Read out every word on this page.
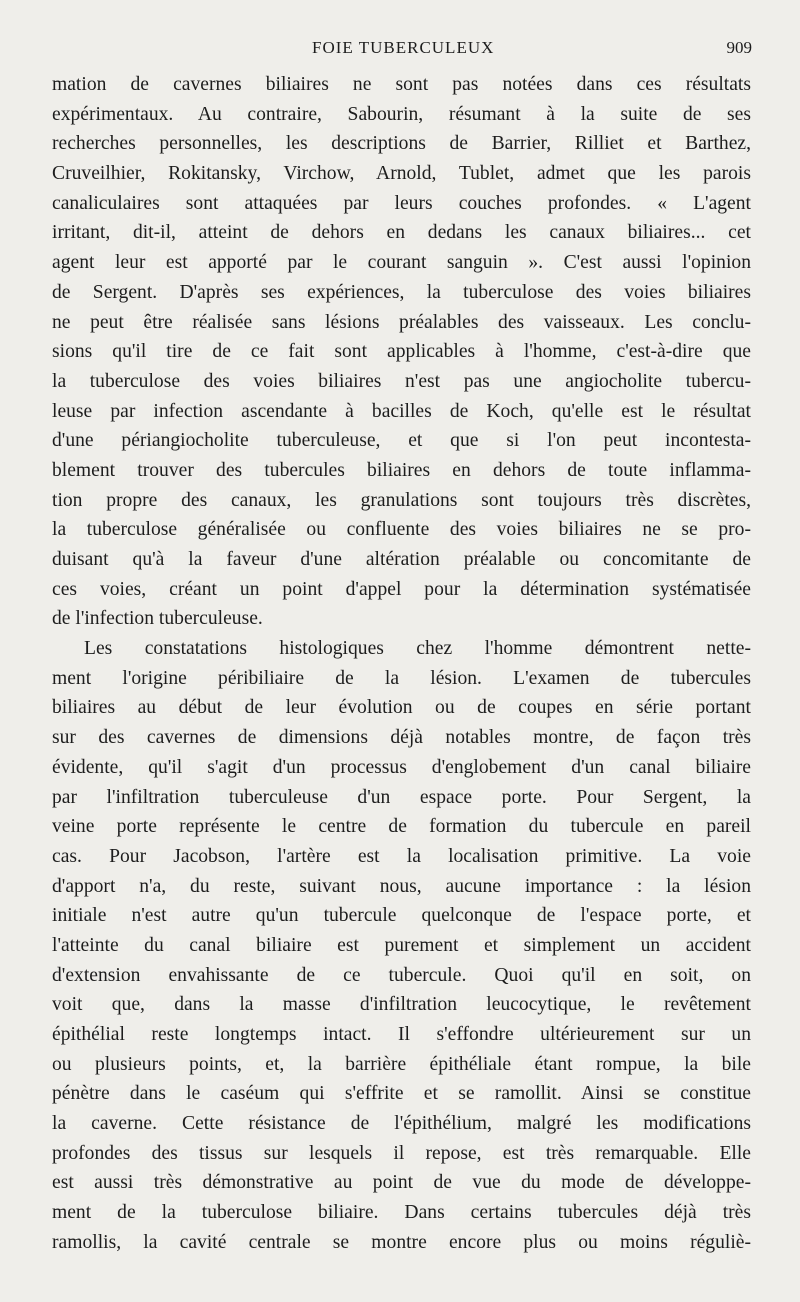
FOIE TUBERCULEUX	909
mation de cavernes biliaires ne sont pas notées dans ces résultats
expérimentaux. Au contraire, Sabourin, résumant à la suite de ses
recherches personnelles, les descriptions de Barrier, Rilliet et Barthez,
Cruveilhier, Rokitansky, Virchow, Arnold, Tublet, admet que les parois
canaliculaires sont attaquées par leurs couches profondes. « L'agent
irritant, dit-il, atteint de dehors en dedans les canaux biliaires... cet
agent leur est apporté par le courant sanguin ». C'est aussi l'opinion
de Sergent. D'après ses expériences, la tuberculose des voies biliaires
ne peut être réalisée sans lésions préalables des vaisseaux. Les conclu-
sions qu'il tire de ce fait sont applicables à l'homme, c'est-à-dire que
la tuberculose des voies biliaires n'est pas une angiocholite tubercu-
leuse par infection ascendante à bacilles de Koch, qu'elle est le résultat
d'une périangiocholite tuberculeuse, et que si l'on peut incontesta-
blement trouver des tubercules biliaires en dehors de toute inflamma-
tion propre des canaux, les granulations sont toujours très discrètes,
la tuberculose généralisée ou confluente des voies biliaires ne se pro-
duisant qu'à la faveur d'une altération préalable ou concomitante de
ces voies, créant un point d'appel pour la détermination systématisée
de l'infection tuberculeuse.
Les constatations histologiques chez l'homme démontrent nette-
ment l'origine péribiliaire de la lésion. L'examen de tubercules
biliaires au début de leur évolution ou de coupes en série portant
sur des cavernes de dimensions déjà notables montre, de façon très
évidente, qu'il s'agit d'un processus d'englobement d'un canal biliaire
par l'infiltration tuberculeuse d'un espace porte. Pour Sergent, la
veine porte représente le centre de formation du tubercule en pareil
cas. Pour Jacobson, l'artère est la localisation primitive. La voie
d'apport n'a, du reste, suivant nous, aucune importance : la lésion
initiale n'est autre qu'un tubercule quelconque de l'espace porte, et
l'atteinte du canal biliaire est purement et simplement un accident
d'extension envahissante de ce tubercule. Quoi qu'il en soit, on
voit que, dans la masse d'infiltration leucocytique, le revêtement
épithélial reste longtemps intact. Il s'effondre ultérieurement sur un
ou plusieurs points, et, la barrière épithéliale étant rompue, la bile
pénètre dans le caséum qui s'effrite et se ramollit. Ainsi se constitue
la caverne. Cette résistance de l'épithélium, malgré les modifications
profondes des tissus sur lesquels il repose, est très remarquable. Elle
est aussi très démonstrative au point de vue du mode de développe-
ment de la tuberculose biliaire. Dans certains tubercules déjà très
ramollis, la cavité centrale se montre encore plus ou moins réguliè-
